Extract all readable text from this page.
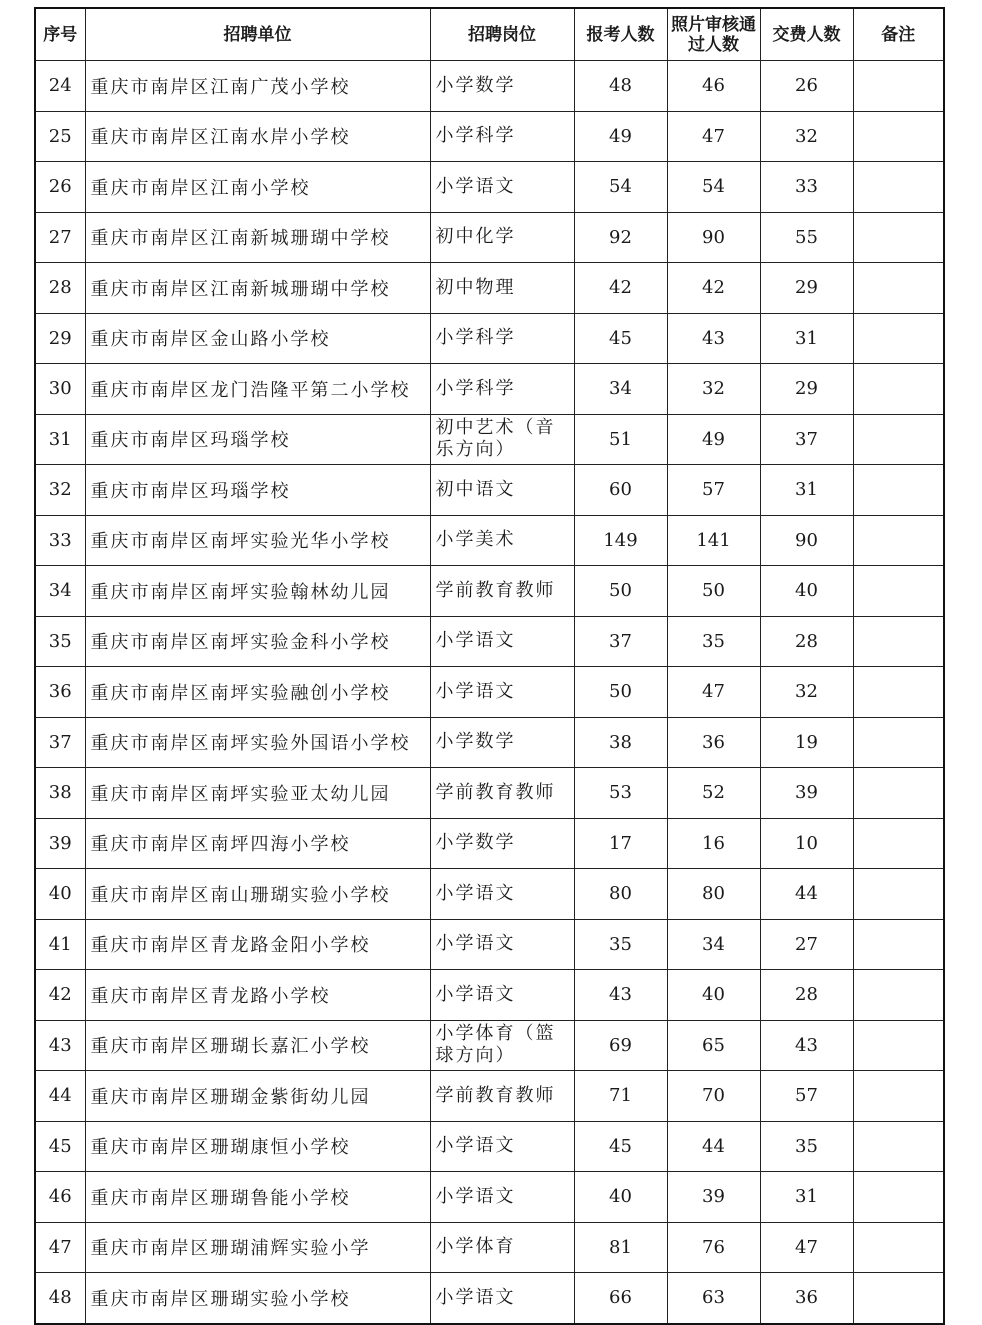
序号	招聘单位	招聘岗位	报考人数	照片审核通过人数	交费人数	备注
24	重庆市南岸区江南广茂小学校	小学数学	48	46	26	
25	重庆市南岸区江南水岸小学校	小学科学	49	47	32	
26	重庆市南岸区江南小学校	小学语文	54	54	33	
27	重庆市南岸区江南新城珊瑚中学校	初中化学	92	90	55	
28	重庆市南岸区江南新城珊瑚中学校	初中物理	42	42	29	
29	重庆市南岸区金山路小学校	小学科学	45	43	31	
30	重庆市南岸区龙门浩隆平第二小学校	小学科学	34	32	29	
31	重庆市南岸区玛瑙学校	初中艺术（音乐方向）	51	49	37	
32	重庆市南岸区玛瑙学校	初中语文	60	57	31	
33	重庆市南岸区南坪实验光华小学校	小学美术	149	141	90	
34	重庆市南岸区南坪实验翰林幼儿园	学前教育教师	50	50	40	
35	重庆市南岸区南坪实验金科小学校	小学语文	37	35	28	
36	重庆市南岸区南坪实验融创小学校	小学语文	50	47	32	
37	重庆市南岸区南坪实验外国语小学校	小学数学	38	36	19	
38	重庆市南岸区南坪实验亚太幼儿园	学前教育教师	53	52	39	
39	重庆市南岸区南坪四海小学校	小学数学	17	16	10	
40	重庆市南岸区南山珊瑚实验小学校	小学语文	80	80	44	
41	重庆市南岸区青龙路金阳小学校	小学语文	35	34	27	
42	重庆市南岸区青龙路小学校	小学语文	43	40	28	
43	重庆市南岸区珊瑚长嘉汇小学校	小学体育（篮球方向）	69	65	43	
44	重庆市南岸区珊瑚金紫街幼儿园	学前教育教师	71	70	57	
45	重庆市南岸区珊瑚康恒小学校	小学语文	45	44	35	
46	重庆市南岸区珊瑚鲁能小学校	小学语文	40	39	31	
47	重庆市南岸区珊瑚浦辉实验小学	小学体育	81	76	47	
48	重庆市南岸区珊瑚实验小学校	小学语文	66	63	36	
